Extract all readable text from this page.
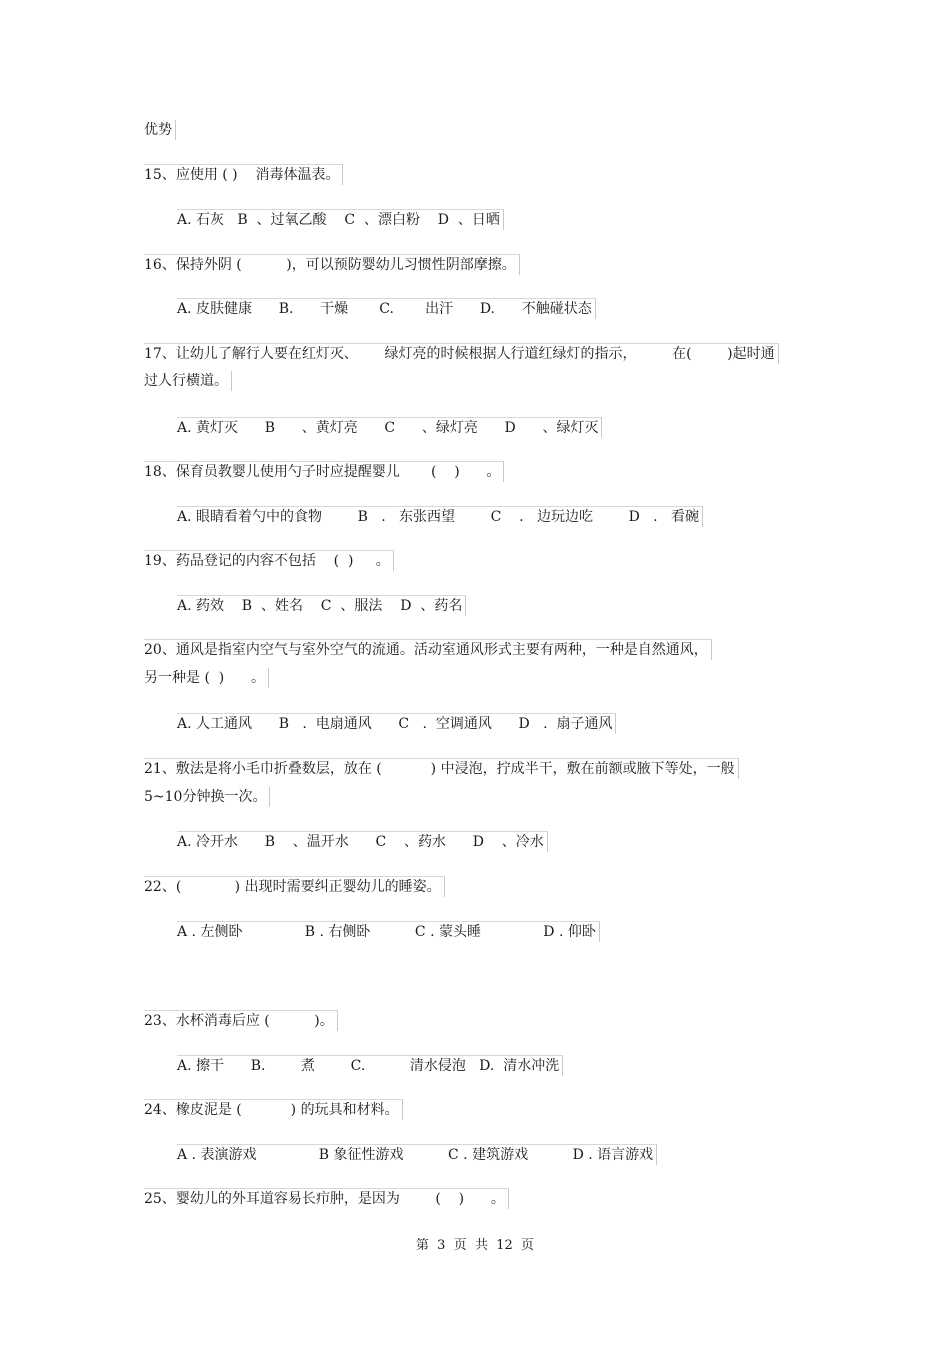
优势
15、应使用 ( )    消毒体温表。
A. 石灰   B  、过氧乙酸    C  、漂白粉    D  、日晒
16、保持外阴 (          )，可以预防婴幼儿习惯性阴部摩擦。
A. 皮肤健康      B.      干燥       C.       出汗      D.      不触碰状态
17、让幼儿了解行人要在红灯灭、      绿灯亮的时候根据人行道红绿灯的指示，        在(        )起时通
过人行横道。
A. 黄灯灭      B      、黄灯亮      C      、绿灯亮      D      、绿灯灭
18、保育员教婴儿使用勺子时应提醒婴儿       (    )      。
A. 眼睛看着勺中的食物        B   .   东张西望        C    .   边玩边吃        D   .   看碗
19、药品登记的内容不包括    (  )     。
A. 药效    B  、姓名    C  、服法    D  、药名
20、通风是指室内空气与室外空气的流通。活动室通风形式主要有两种，一种是自然通风，
另一种是 (  )      。
A. 人工通风      B   .  电扇通风      C   .  空调通风      D   .  扇子通风
21、敷法是将小毛巾折叠数层，放在 (           ) 中浸泡，拧成半干，敷在前额或腋下等处，一般
5~10分钟换一次。
A. 冷开水      B    、温开水      C    、药水      D    、冷水
22、(            ) 出现时需要纠正婴幼儿的睡姿。
A . 左侧卧              B . 右侧卧          C . 蒙头睡              D . 仰卧
23、水杯消毒后应 (          )。
A. 擦干      B.        煮        C.          清水侵泡   D.  清水冲洗
24、橡皮泥是 (           ) 的玩具和材料。
A . 表演游戏              B 象征性游戏          C . 建筑游戏          D . 语言游戏
25、婴幼儿的外耳道容易长疖肿，是因为        (    )      。
第  3  页  共  12  页
